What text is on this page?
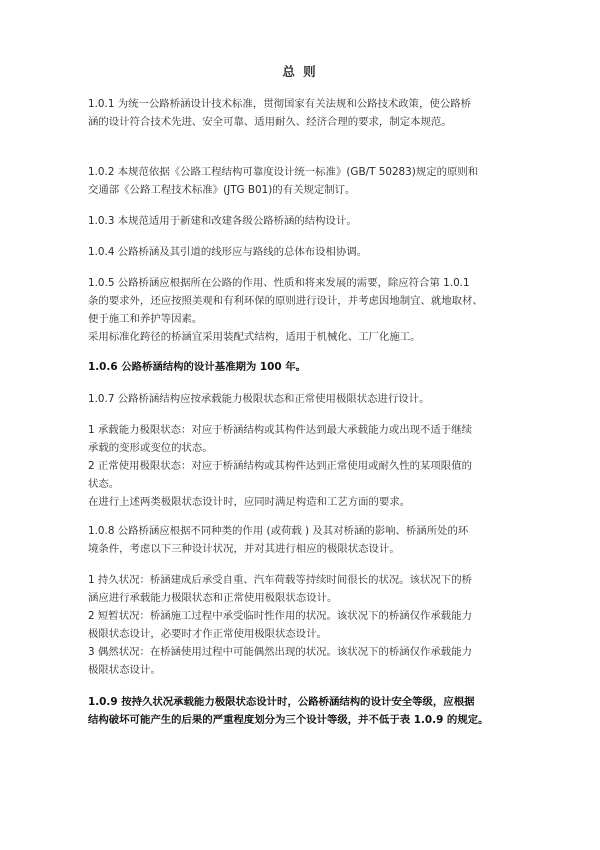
总 则
1.0.1 为统一公路桥涵设计技术标准，贯彻国家有关法规和公路技术政策，使公路桥
涵的设计符合技术先进、安全可靠、适用耐久、经济合理的要求，制定本规范。
1.0.2 本规范依据《公路工程结构可靠度设计统一标准》(GB/T 50283)规定的原则和
交通部《公路工程技术标准》(JTG B01)的有关规定制订。
1.0.3 本规范适用于新建和改建各级公路桥涵的结构设计。
1.0.4 公路桥涵及其引道的线形应与路线的总体布设相协调。
1.0.5 公路桥涵应根据所在公路的作用、性质和将来发展的需要，除应符合第 1.0.1
条的要求外，还应按照美观和有利环保的原则进行设计，并考虑因地制宜、就地取材、
便于施工和养护等因素。
采用标准化跨径的桥涵宜采用装配式结构，适用于机械化、工厂化施工。
1.0.6 公路桥涵结构的设计基准期为 100 年。
1.0.7 公路桥涵结构应按承载能力极限状态和正常使用极限状态进行设计。
1 承载能力极限状态：对应于桥涵结构或其构件达到最大承载能力或出现不适于继续
承载的变形或变位的状态。
2 正常使用极限状态：对应于桥涵结构或其构件达到正常使用或耐久性的某项限值的
状态。
在进行上述两类极限状态设计时，应同时满足构造和工艺方面的要求。
1.0.8 公路桥涵应根据不同种类的作用 (或荷载 ) 及其对桥涵的影响、桥涵所处的环
境条件，考虑以下三种设计状况，并对其进行相应的极限状态设计。
1 持久状况：桥涵建成后承受自重、汽车荷载等持续时间很长的状况。该状况下的桥
涵应进行承载能力极限状态和正常使用极限状态设计。
2 短暂状况：桥涵施工过程中承受临时性作用的状况。该状况下的桥涵仅作承载能力
极限状态设计，必要时才作正常使用极限状态设计。
3 偶然状况：在桥涵使用过程中可能偶然出现的状况。该状况下的桥涵仅作承载能力
极限状态设计。
1.0.9 按持久状况承载能力极限状态设计时，公路桥涵结构的设计安全等级，应根据
结构破坏可能产生的后果的严重程度划分为三个设计等级，并不低于表 1.0.9 的规定。
